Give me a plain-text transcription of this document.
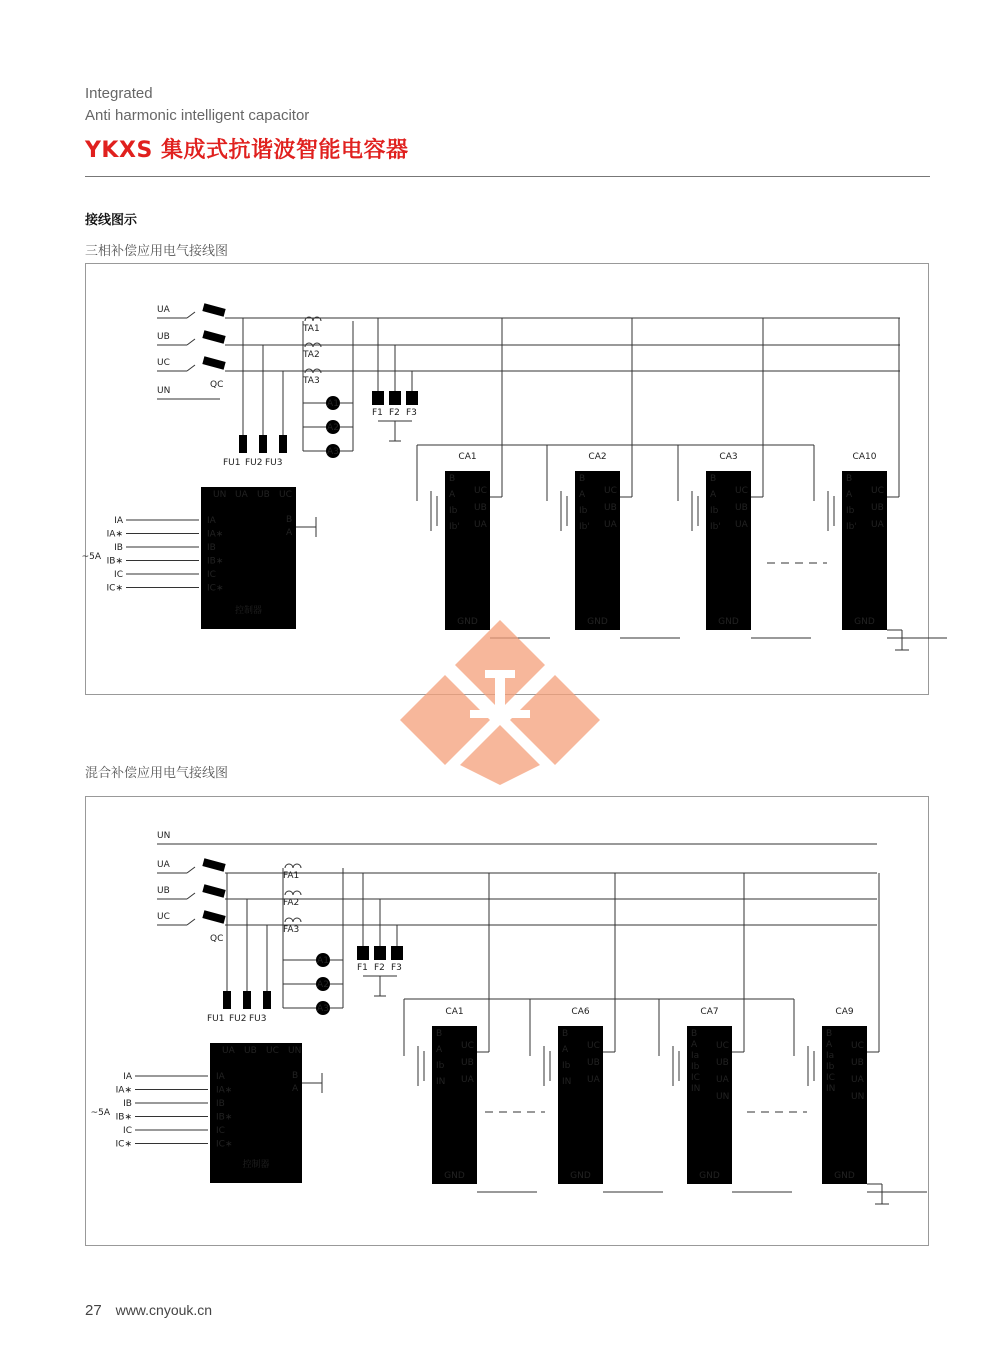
Integrated
Anti harmonic intelligent capacitor
YKXS 集成式抗谐波智能电容器
接线图示
三相补偿应用电气接线图
UA
UB
UC
UN
QC
TA1
TA2
TA3
A1
A2
A3
F1 F2 F3
FU1 FU2 FU3
控制器
UN UA UB UC
B
A
IA
IA
IA∗
IA∗
IB
IB
IB∗
IB∗
IC
IC
IC∗
IC∗
~5A
CA1
B
A
Ib
Ib'
UC
UB
UA
GND
CA2
B
A
Ib
Ib'
UC
UB
UA
GND
CA3
B
A
Ib
Ib'
UC
UB
UA
GND
CA10
B
A
Ib
Ib'
UC
UB
UA
GND
混合补偿应用电气接线图
UN
UA
UB
UC
QC
FA1
FA2
FA3
A1
A2
A3
F1 F2 F3
FU1 FU2 FU3
控制器
UA UB UC UN
B
A
IA
IA
IA∗
IA∗
IB
IB
IB∗
IB∗
IC
IC
IC∗
IC∗
~5A
CA1
B
A
Ib
IN
UC
UB
UA
GND
CA6
B
A
Ib
IN
UC
UB
UA
GND
CA7
B
A
Ia
Ib
IC
IN
UC
UB
UA
UN
GND
CA9
B
A
Ia
Ib
IC
IN
UC
UB
UA
UN
GND
27 www.cnyouk.cn
